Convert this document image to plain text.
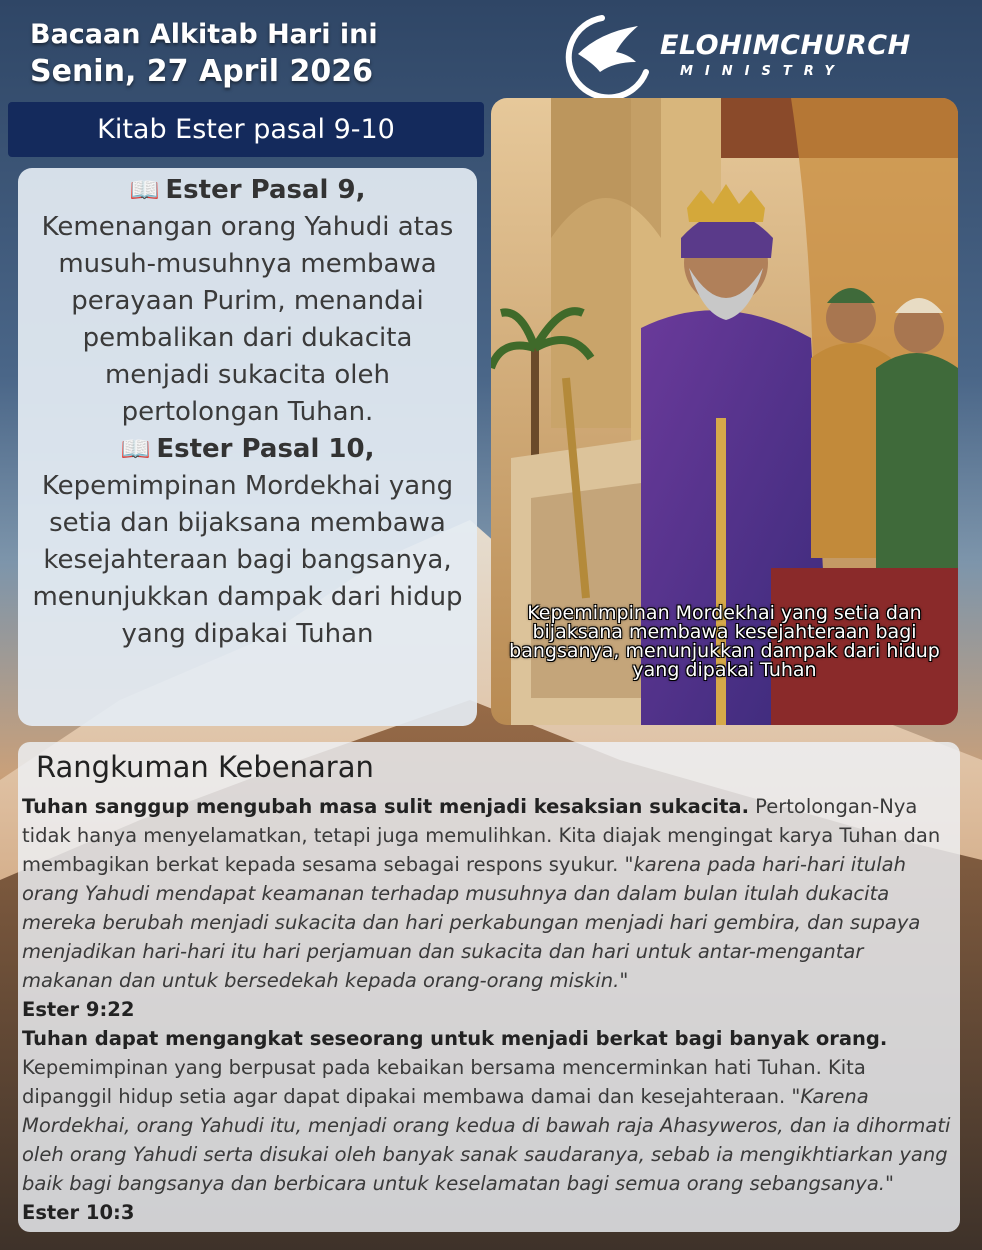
Bacaan Alkitab Hari ini
Senin, 27 April 2026
ELOHIMCHURCH
MINISTRY
Kitab Ester pasal 9-10
📖 Ester Pasal 9,
Kemenangan orang Yahudi atas musuh-musuhnya membawa perayaan Purim, menandai pembalikan dari dukacita menjadi sukacita oleh pertolongan Tuhan.
📖 Ester Pasal 10,
Kepemimpinan Mordekhai yang setia dan bijaksana membawa kesejahteraan bagi bangsanya, menunjukkan dampak dari hidup yang dipakai Tuhan
Kepemimpinan Mordekhai yang setia dan bijaksana membawa kesejahteraan bagi bangsanya, menunjukkan dampak dari hidup yang dipakai Tuhan
Rangkuman Kebenaran
Tuhan sanggup mengubah masa sulit menjadi kesaksian sukacita. Pertolongan-Nya tidak hanya menyelamatkan, tetapi juga memulihkan. Kita diajak mengingat karya Tuhan dan membagikan berkat kepada sesama sebagai respons syukur. "karena pada hari-hari itulah orang Yahudi mendapat keamanan terhadap musuhnya dan dalam bulan itulah dukacita mereka berubah menjadi sukacita dan hari perkabungan menjadi hari gembira, dan supaya menjadikan hari-hari itu hari perjamuan dan sukacita dan hari untuk antar-mengantar makanan dan untuk bersedekah kepada orang-orang miskin."
Ester 9:22
Tuhan dapat mengangkat seseorang untuk menjadi berkat bagi banyak orang. Kepemimpinan yang berpusat pada kebaikan bersama mencerminkan hati Tuhan. Kita dipanggil hidup setia agar dapat dipakai membawa damai dan kesejahteraan. "Karena Mordekhai, orang Yahudi itu, menjadi orang kedua di bawah raja Ahasyweros, dan ia dihormati oleh orang Yahudi serta disukai oleh banyak sanak saudaranya, sebab ia mengikhtiarkan yang baik bagi bangsanya dan berbicara untuk keselamatan bagi semua orang sebangsanya." Ester 10:3
